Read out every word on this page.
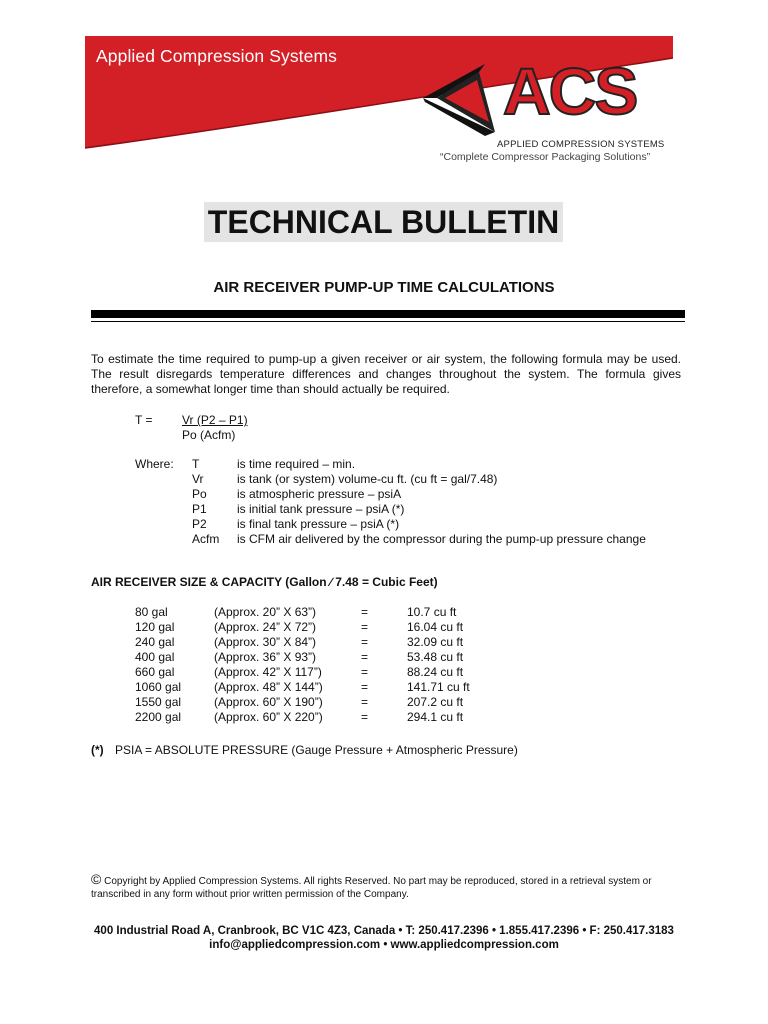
Applied Compression Systems	ACS
APPLIED COMPRESSION SYSTEMS
“Complete Compressor Packaging Solutions”
TECHNICAL BULLETIN
AIR RECEIVER PUMP-UP TIME CALCULATIONS
To estimate the time required to pump-up a given receiver or air system, the following formula may be used. The result disregards temperature differences and changes throughout the system. The formula gives therefore, a somewhat longer time than should actually be required.
T = Vr (P2 – P1)
Po (Acfm)
Where: T	is time required – min.
Vr	is tank (or system) volume-cu ft. (cu ft = gal/7.48)
Po	is atmospheric pressure – psiA
P1	is initial tank pressure – psiA (*)
P2	is final tank pressure – psiA (*)
Acfm is CFM air delivered by the compressor during the pump-up pressure change
AIR RECEIVER SIZE & CAPACITY (Gallon ∕ 7.48 = Cubic Feet)
80 gal	(Approx. 20” X 63”)	=	10.7 cu ft
120 gal	(Approx. 24” X 72”)	=	16.04 cu ft
240 gal	(Approx. 30” X 84”)	=	32.09 cu ft
400 gal	(Approx. 36” X 93”)	=	53.48 cu ft
660 gal	(Approx. 42” X 117”)	=	88.24 cu ft
1060 gal	(Approx. 48” X 144”)	=	141.71 cu ft
1550 gal	(Approx. 60” X 190”)	=	207.2 cu ft
2200 gal	(Approx. 60” X 220”)	=	294.1 cu ft
(*) PSIA = ABSOLUTE PRESSURE (Gauge Pressure + Atmospheric Pressure)
© Copyright by Applied Compression Systems. All rights Reserved. No part may be reproduced, stored in a retrieval system or transcribed in any form without prior written permission of the Company.
400 Industrial Road A, Cranbrook, BC V1C 4Z3, Canada • T: 250.417.2396 • 1.855.417.2396 • F: 250.417.3183
info@appliedcompression.com • www.appliedcompression.com
